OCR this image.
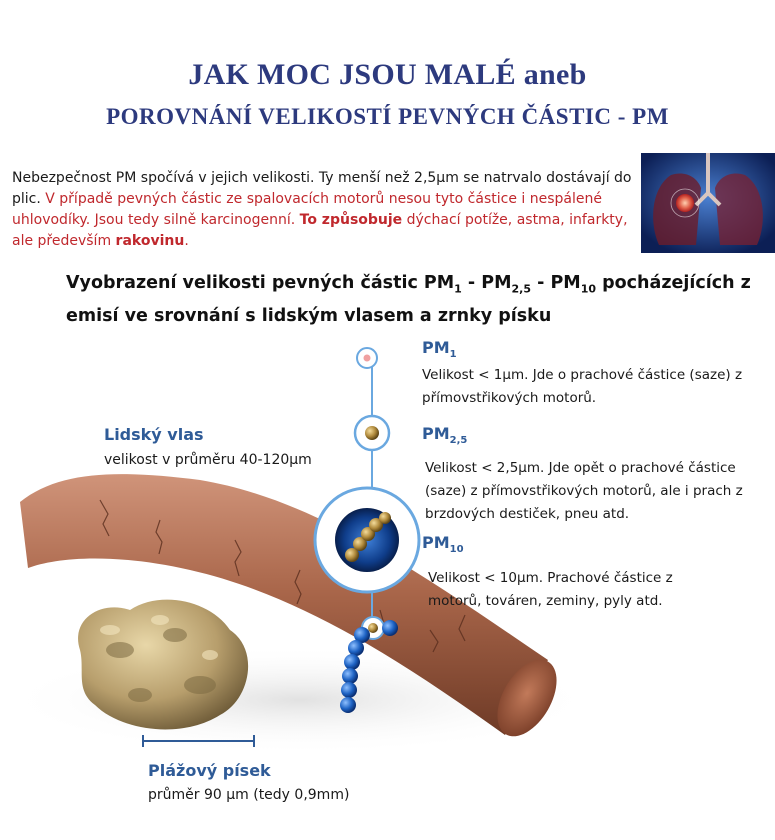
JAK MOC JSOU MALÉ aneb
POROVNÁNÍ VELIKOSTÍ PEVNÝCH ČÁSTIC - PM
Nebezpečnost PM spočívá v jejich velikosti. Ty menší než 2,5µm se natrvalo dostávají do plic. V případě pevných částic ze spalovacích motorů nesou tyto částice i nespálené uhlovodíky. Jsou tedy silně karcinogenní. To způsobuje dýchací potíže, astma, infarkty, ale především rakovinu.
Vyobrazení velikosti pevných částic $PM_1 - PM_{2,5} - PM_{10}$ pocházejících z emisí ve srovnání s lidským vlasem a zrnky písku
Lidský vlas
velikost v průměru 40-120µm
Plážový písek
průměr 90 µm (tedy 0,9mm)
$PM_1$
Velikost < 1µm. Jde o prachové částice (saze) z přímovstřikových motorů.
$PM_{2,5}$
Velikost < 2,5µm. Jde opět o prachové částice (saze) z přímovstřikových motorů, ale i prach z brzdových destiček, pneu atd.
$PM_{10}$
Velikost < 10µm. Prachové částice z motorů, továren, zeminy, pyly atd.
